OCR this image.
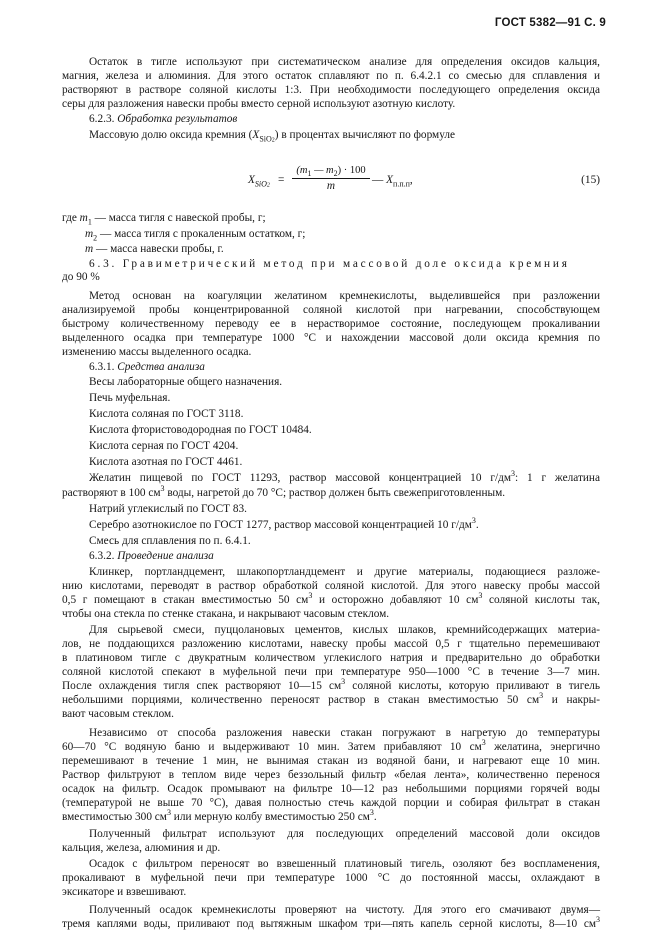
ГОСТ 5382—91 С. 9
Остаток в тигле используют при систематическом анализе для определения оксидов кальция,
магния, железа и алюминия. Для этого остаток сплавляют по п. 6.4.2.1 со смесью для сплавления и
растворяют в растворе соляной кислоты 1:3. При необходимости последующего определения оксида
серы для разложения навески пробы вместо серной используют азотную кислоту.
6.2.3. Обработка результатов
Массовую долю оксида кремния $(X_{SiO2})$ в процентах вычисляют по формуле
$X_{SiO2}$ =
($m_1$ — $m_2) \cdot 100$
m	— $X_{п.п.п}$,	(15)
где $m_1$ — масса тигля с навеской пробы, г;
$m_2$ — масса тигля с прокаленным остатком, г;
m — масса навески пробы, г.
6.3. Гравиметрический метод при массовой доле оксида кремния
до 90 %
Метод основан на коагуляции желатином кремнекислоты, выделившейся при разложении
анализируемой пробы концентрированной соляной кислотой при нагревании, способствующем
быстрому количественному переводу ее в нерастворимое состояние, последующем прокаливании
выделенного осадка при температуре 1000 °С и нахождении массовой доли оксида кремния по
изменению массы выделенного осадка.
6.3.1. Средства анализа
Весы лабораторные общего назначения.
Печь муфельная.
Кислота соляная по ГОСТ 3118.
Кислота фтористоводородная по ГОСТ 10484.
Кислота серная по ГОСТ 4204.
Кислота азотная по ГОСТ 4461.
Желатин пищевой по ГОСТ 11293, раствор массовой концентрацией 10 $г/дм^3$: 1 г желатина
растворяют в 100 $см^3$ воды, нагретой до 70 °С; раствор должен быть свежеприготовленным.
Натрий углекислый по ГОСТ 83.
Серебро азотнокислое по ГОСТ 1277, раствор массовой концентрацией 10 $г/дм^3$.
Смесь для сплавления по п. 6.4.1.
6.3.2. Проведение анализа
Клинкер, портландцемент, шлакопортландцемент и другие материалы, подающиеся разложе-
нию кислотами, переводят в раствор обработкой соляной кислотой. Для этого навеску пробы массой
0,5 г помещают в стакан вместимостью 50 $см^3$ и осторожно добавляют 10 $см^3$ соляной кислоты так,
чтобы она стекла по стенке стакана, и накрывают часовым стеклом.
Для сырьевой смеси, пуццолановых цементов, кислых шлаков, кремнийсодержащих материа-
лов, не поддающихся разложению кислотами, навеску пробы массой 0,5 г тщательно перемешивают
в платиновом тигле с двукратным количеством углекислого натрия и предварительно до обработки
соляной кислотой спекают в муфельной печи при температуре 950—1000 °С в течение 3—7 мин.
После охлаждения тигля спек растворяют 10—15 $см^3$ соляной кислоты, которую приливают в тигель
небольшими порциями, количественно переносят раствор в стакан вместимостью 50 $см^3$ и накры-
вают часовым стеклом.
Независимо от способа разложения навески стакан погружают в нагретую до температуры
60—70 °С водяную баню и выдерживают 10 мин. Затем прибавляют 10 $см^3$ желатина, энергично
перемешивают в течение 1 мин, не вынимая стакан из водяной бани, и нагревают еще 10 мин.
Раствор фильтруют в теплом виде через беззольный фильтр «белая лента», количественно перенося
осадок на фильтр. Осадок промывают на фильтре 10—12 раз небольшими порциями горячей воды
(температурой не выше 70 °С), давая полностью стечь каждой порции и собирая фильтрат в стакан
вместимостью 300 $см^3$ или мерную колбу вместимостью 250 $см^3$.
Полученный фильтрат используют для последующих определений массовой доли оксидов
кальция, железа, алюминия и др.
Осадок с фильтром переносят во взвешенный платиновый тигель, озоляют без воспламенения,
прокаливают в муфельной печи при температуре 1000 °С до постоянной массы, охлаждают в
эксикаторе и взвешивают.
Полученный осадок кремнекислоты проверяют на чистоту. Для этого его смачивают двумя—
тремя каплями воды, приливают под вытяжным шкафом три—пять капель серной кислоты, 8—10 $см^3$
